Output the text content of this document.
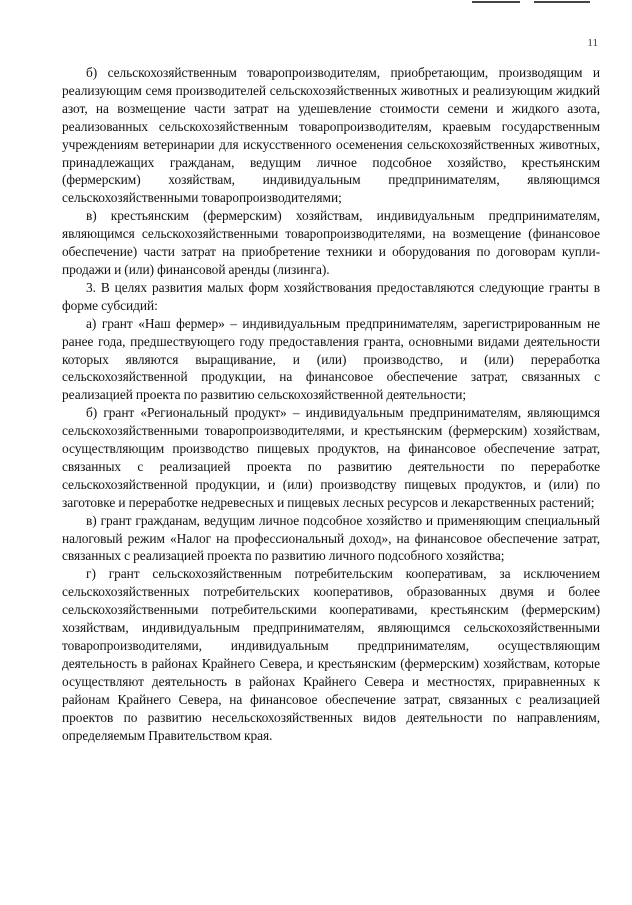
11

б) сельскохозяйственным товаропроизводителям, приобретающим, производящим и реализующим семя производителей сельскохозяйственных животных и реализующим жидкий азот, на возмещение части затрат на удешевление стоимости семени и жидкого азота, реализованных сельскохозяйственным товаропроизводителям, краевым государственным учреждениям ветеринарии для искусственного осеменения сельскохозяйственных животных, принадлежащих гражданам, ведущим личное подсобное хозяйство, крестьянским (фермерским) хозяйствам, индивидуальным предпринимателям, являющимся сельскохозяйственными товаропроизводителями;

в) крестьянским (фермерским) хозяйствам, индивидуальным предпринимателям, являющимся сельскохозяйственными товаропроизводителями, на возмещение (финансовое обеспечение) части затрат на приобретение техники и оборудования по договорам купли-продажи и (или) финансовой аренды (лизинга).

3. В целях развития малых форм хозяйствования предоставляются следующие гранты в форме субсидий:

а) грант «Наш фермер» – индивидуальным предпринимателям, зарегистрированным не ранее года, предшествующего году предоставления гранта, основными видами деятельности которых являются выращивание, и (или) производство, и (или) переработка сельскохозяйственной продукции, на финансовое обеспечение затрат, связанных с реализацией проекта по развитию сельскохозяйственной деятельности;

б) грант «Региональный продукт» – индивидуальным предпринимателям, являющимся сельскохозяйственными товаропроизводителями, и крестьянским (фермерским) хозяйствам, осуществляющим производство пищевых продуктов, на финансовое обеспечение затрат, связанных с реализацией проекта по развитию деятельности по переработке сельскохозяйственной продукции, и (или) производству пищевых продуктов, и (или) по заготовке и переработке недревесных и пищевых лесных ресурсов и лекарственных растений;

в) грант гражданам, ведущим личное подсобное хозяйство и применяющим специальный налоговый режим «Налог на профессиональный доход», на финансовое обеспечение затрат, связанных с реализацией проекта по развитию личного подсобного хозяйства;

г) грант сельскохозяйственным потребительским кооперативам, за исключением сельскохозяйственных потребительских кооперативов, образованных двумя и более сельскохозяйственными потребительскими кооперативами, крестьянским (фермерским) хозяйствам, индивидуальным предпринимателям, являющимся сельскохозяйственными товаропроизводителями, индивидуальным предпринимателям, осуществляющим деятельность в районах Крайнего Севера, и крестьянским (фермерским) хозяйствам, которые осуществляют деятельность в районах Крайнего Севера и местностях, приравненных к районам Крайнего Севера, на финансовое обеспечение затрат, связанных с реализацией проектов по развитию несельскохозяйственных видов деятельности по направлениям, определяемым Правительством края.
